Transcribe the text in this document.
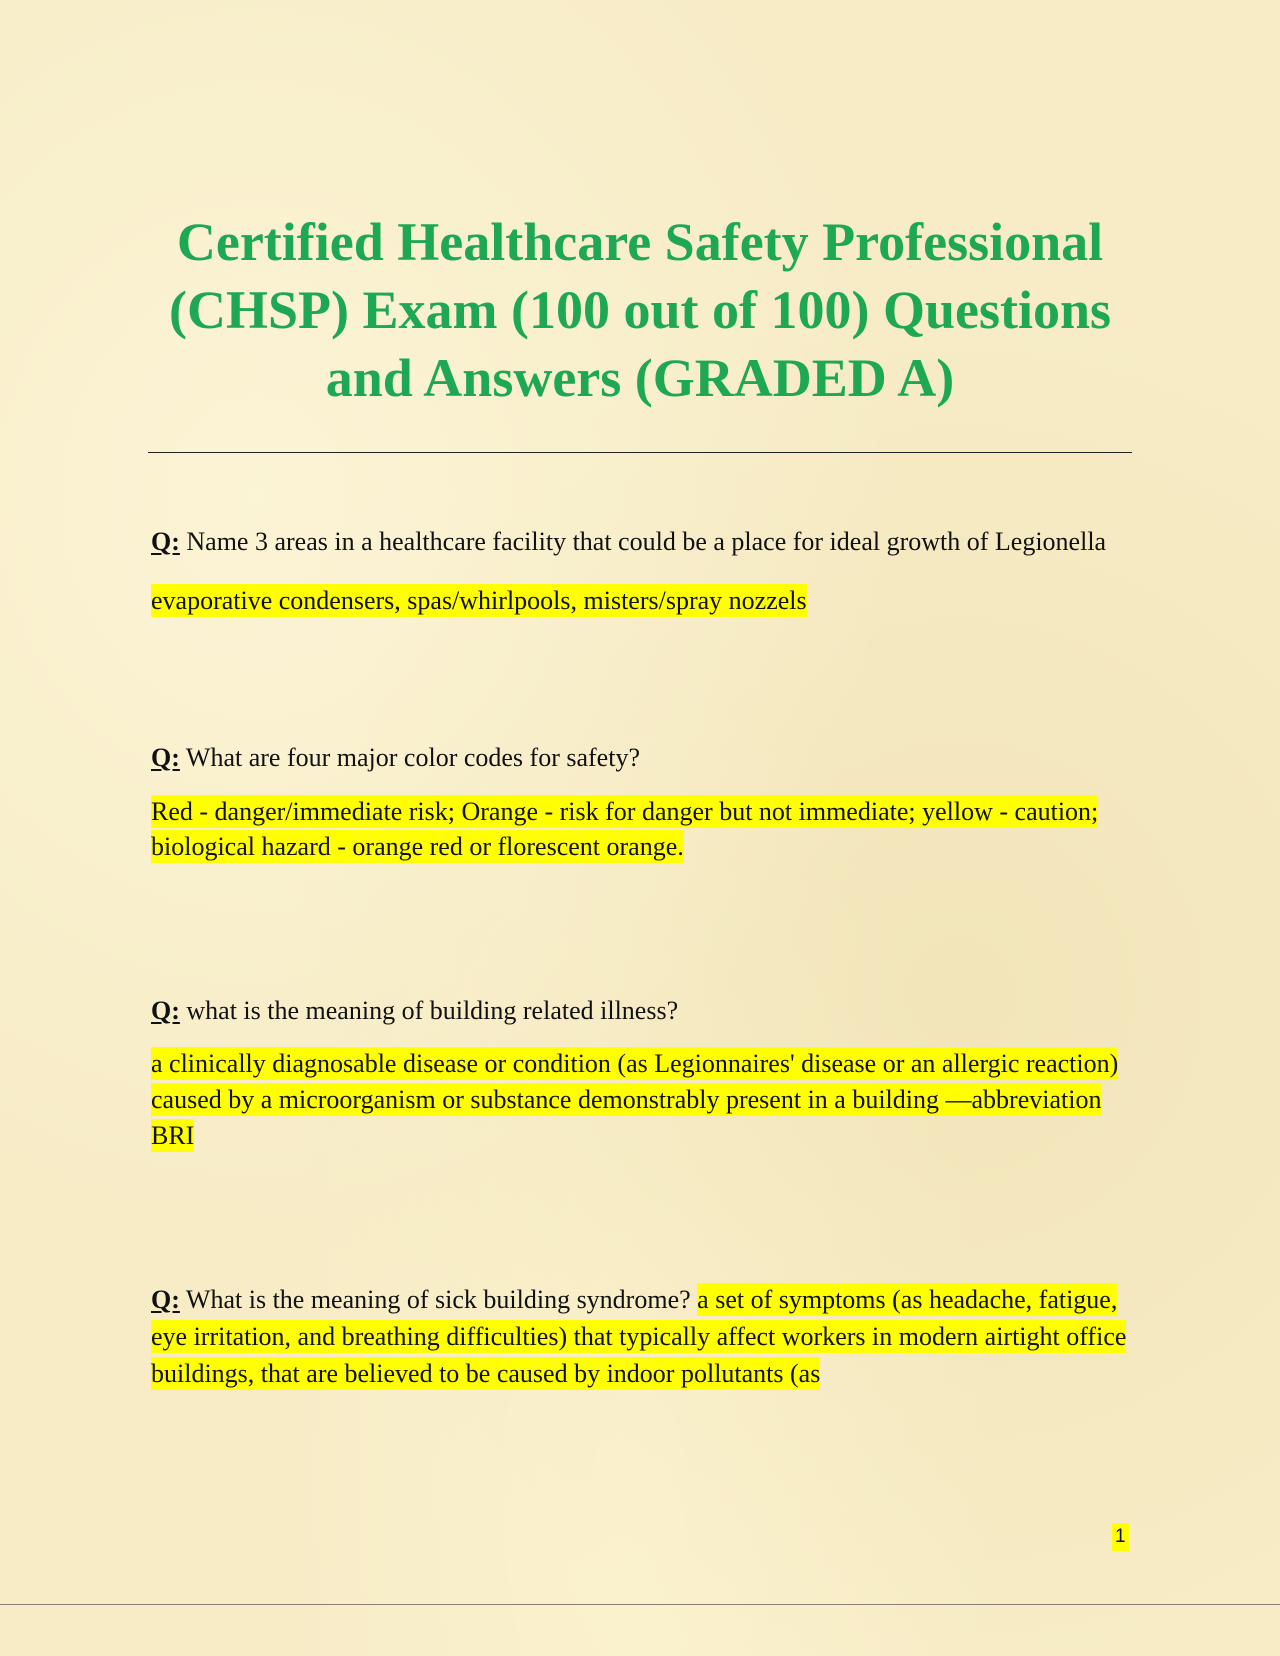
Certified Healthcare Safety Professional (CHSP) Exam (100 out of 100) Questions and Answers (GRADED A)
Q: Name 3 areas in a healthcare facility that could be a place for ideal growth of Legionella evaporative condensers, spas/whirlpools, misters/spray nozzels
Q: What are four major color codes for safety?
Red - danger/immediate risk; Orange - risk for danger but not immediate; yellow - caution; biological hazard - orange red or florescent orange.
Q: what is the meaning of building related illness?
a clinically diagnosable disease or condition (as Legionnaires' disease or an allergic reaction) caused by a microorganism or substance demonstrably present in a building —abbreviation BRI
Q: What is the meaning of sick building syndrome? a set of symptoms (as headache, fatigue, eye irritation, and breathing difficulties) that typically affect workers in modern airtight office buildings, that are believed to be caused by indoor pollutants (as
1
